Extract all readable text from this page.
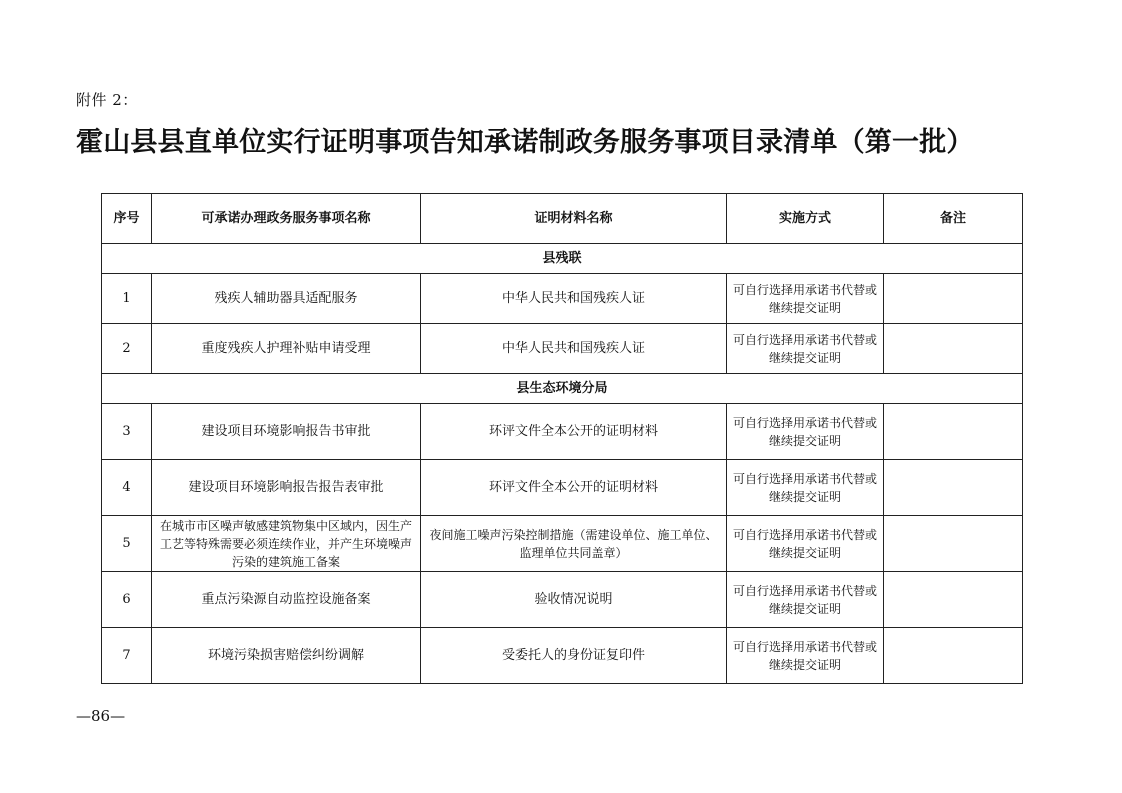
附件 2：
霍山县县直单位实行证明事项告知承诺制政务服务事项目录清单（第一批）
序号	可承诺办理政务服务事项名称	证明材料名称	实施方式	备注
县残联				
1	残疾人辅助器具适配服务	中华人民共和国残疾人证	可自行选择用承诺书代替或继续提交证明	
2	重度残疾人护理补贴申请受理	中华人民共和国残疾人证	可自行选择用承诺书代替或继续提交证明	
县生态环境分局				
3	建设项目环境影响报告书审批	环评文件全本公开的证明材料	可自行选择用承诺书代替或继续提交证明	
4	建设项目环境影响报告报告表审批	环评文件全本公开的证明材料	可自行选择用承诺书代替或继续提交证明	
5	在城市市区噪声敏感建筑物集中区域内，因生产工艺等特殊需要必须连续作业，并产生环境噪声污染的建筑施工备案	夜间施工噪声污染控制措施（需建设单位、施工单位、监理单位共同盖章）	可自行选择用承诺书代替或继续提交证明	
6	重点污染源自动监控设施备案	验收情况说明	可自行选择用承诺书代替或继续提交证明	
7	环境污染损害赔偿纠纷调解	受委托人的身份证复印件	可自行选择用承诺书代替或继续提交证明	
—86—
